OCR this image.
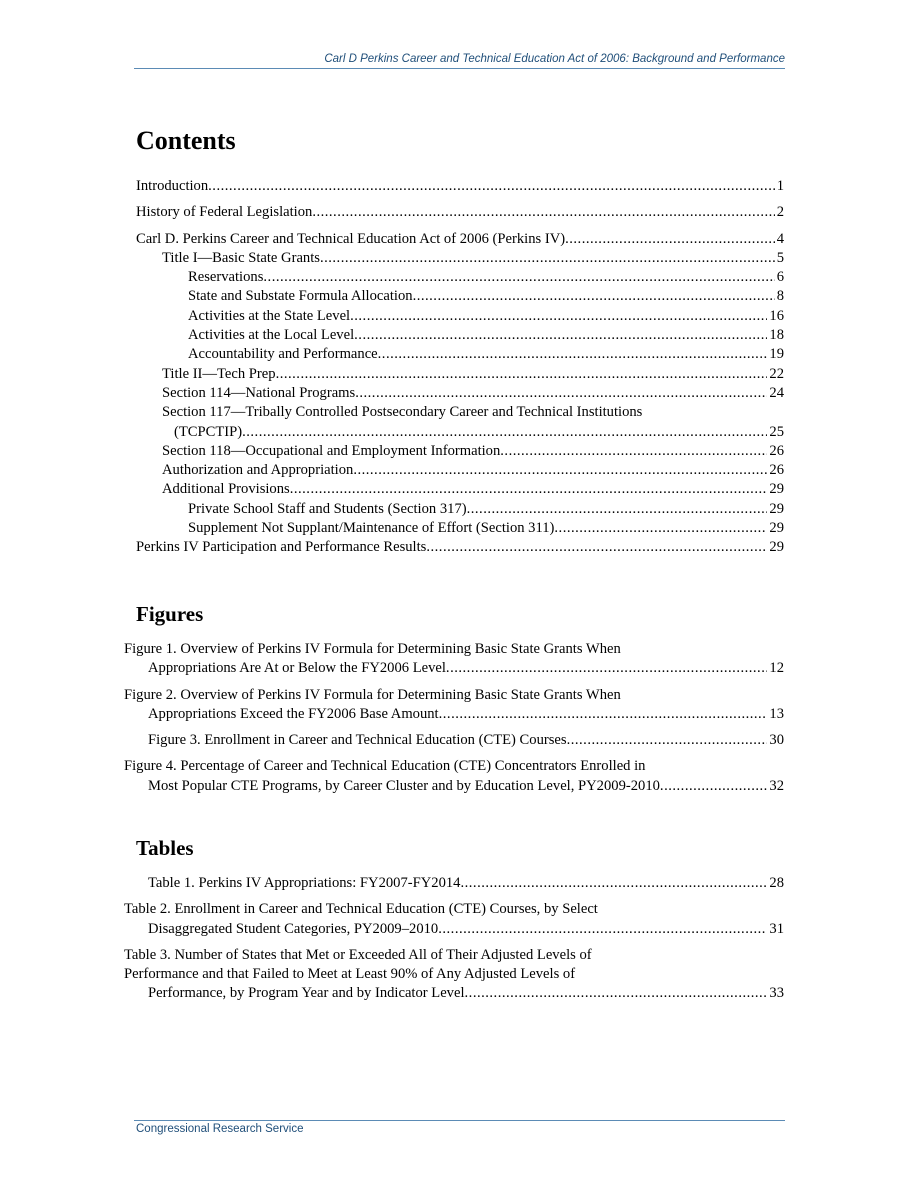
Carl D Perkins Career and Technical Education Act of 2006: Background and Performance
Contents
Introduction .....	1
History of Federal Legislation .....	2
Carl D. Perkins Career and Technical Education Act of 2006 (Perkins IV) .....	4
Title I—Basic State Grants .....	5
Reservations .....	6
State and Substate Formula Allocation .....	8
Activities at the State Level .....	16
Activities at the Local Level .....	18
Accountability and Performance .....	19
Title II—Tech Prep .....	22
Section 114—National Programs .....	24
Section 117—Tribally Controlled Postsecondary Career and Technical Institutions
(TCPCTIP) .....	25
Section 118—Occupational and Employment Information .....	26
Authorization and Appropriation .....	26
Additional Provisions .....	29
Private School Staff and Students (Section 317) .....	29
Supplement Not Supplant/Maintenance of Effort (Section 311) .....	29
Perkins IV Participation and Performance Results .....	29
Figures
Figure 1. Overview of Perkins IV Formula for Determining Basic State Grants When
Appropriations Are At or Below the FY2006 Level .....	12
Figure 2. Overview of Perkins IV Formula for Determining Basic State Grants When
Appropriations Exceed the FY2006 Base Amount .....	13
Figure 3. Enrollment in Career and Technical Education (CTE) Courses .....	30
Figure 4. Percentage of Career and Technical Education (CTE) Concentrators Enrolled in
Most Popular CTE Programs, by Career Cluster and by Education Level, PY2009-2010 .....	32
Tables
Table 1. Perkins IV Appropriations: FY2007-FY2014 .....	28
Table 2. Enrollment in Career and Technical Education (CTE) Courses, by Select
Disaggregated Student Categories, PY2009–2010 .....	31
Table 3. Number of States that Met or Exceeded All of Their Adjusted Levels of
Performance and that Failed to Meet at Least 90% of Any Adjusted Levels of
Performance, by Program Year and by Indicator Level .....	33
Congressional Research Service
